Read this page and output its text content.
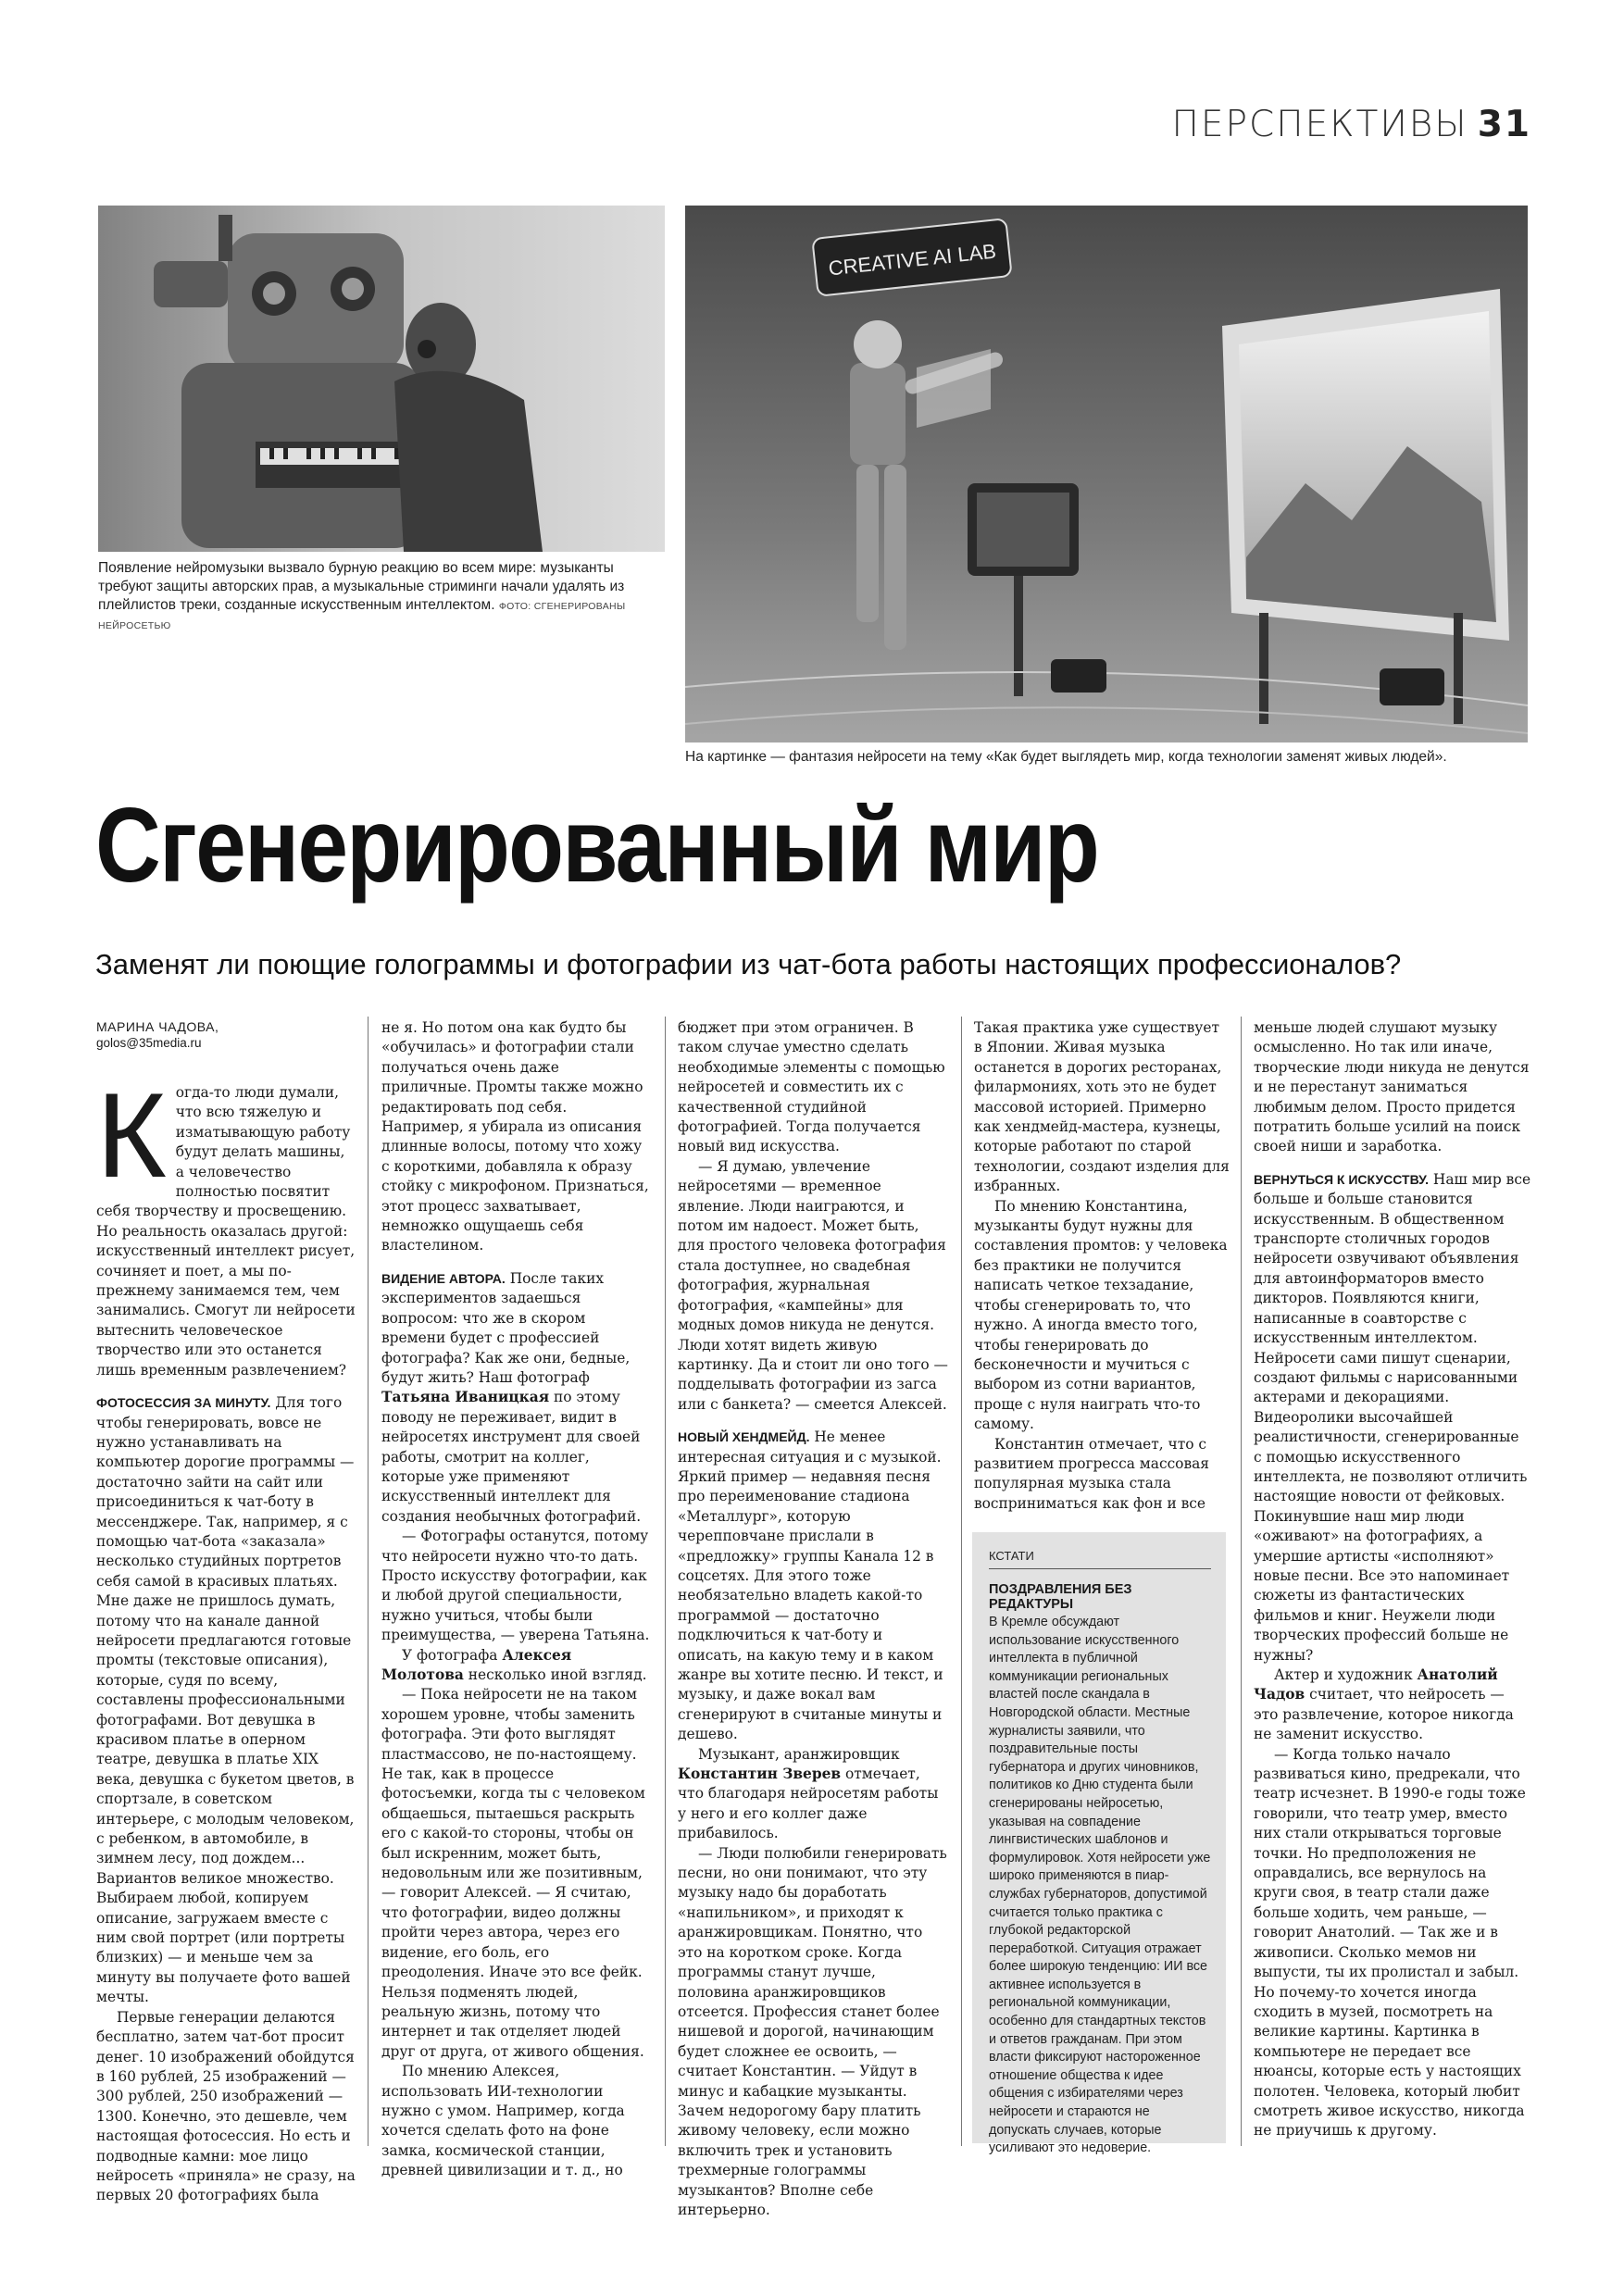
ПЕРСПЕКТИВЫ 31
Появление нейромузыки вызвало бурную реакцию во всем мире: музыканты требуют защиты авторских прав, а музыкальные стриминги начали удалять из плейлистов треки, созданные искусственным интеллектом. ФОТО: СГЕНЕРИРОВАНЫ НЕЙРОСЕТЬЮ
CREATIVE AI LAB
На картинке — фантазия нейросети на тему «Как будет выглядеть мир, когда технологии заменят живых людей».
Сгенерированный мир
Заменят ли поющие голограммы и фотографии из чат-бота работы настоящих профессионалов?
МАРИНА ЧАДОВА,
golos@35media.ru

Когда-то люди думали, что всю тяжелую и изматывающую работу будут делать машины, а человечество полностью посвятит себя творчеству и просвещению. Но реальность оказалась другой: искусственный интеллект рисует, сочиняет и поет, а мы по-прежнему занимаемся тем, чем занимались. Смогут ли нейросети вытеснить человеческое творчество или это останется лишь временным развлечением?

ФОТОСЕССИЯ ЗА МИНУТУ. Для того чтобы генерировать, вовсе не нужно устанавливать на компьютер дорогие программы — достаточно зайти на сайт или присоединиться к чат-боту в мессенджере. Так, например, я с помощью чат-бота «заказала» несколько студийных портретов себя самой в красивых платьях. Мне даже не пришлось думать, потому что на канале данной нейросети предлагаются готовые промты (текстовые описания), которые, судя по всему, составлены профессиональными фотографами. Вот девушка в красивом платье в оперном театре, девушка в платье XIX века, девушка с букетом цветов, в спортзале, в советском интерьере, с молодым человеком, с ребенком, в автомобиле, в зимнем лесу, под дождем... Вариантов великое множество. Выбираем любой, копируем описание, загружаем вместе с ним свой портрет (или портреты близких) — и меньше чем за минуту вы получаете фото вашей мечты.

Первые генерации делаются бесплатно, затем чат-бот просит денег. 10 изображений обойдутся в 160 рублей, 25 изображений — 300 рублей, 250 изображений — 1300. Конечно, это дешевле, чем настоящая фотосессия. Но есть и подводные камни: мое лицо нейросеть «приняла» не сразу, на первых 20 фотографиях была

не я. Но потом она как будто бы «обучилась» и фотографии стали получаться очень даже приличные. Промты также можно редактировать под себя. Например, я убирала из описания длинные волосы, потому что хожу с короткими, добавляла к образу стойку с микрофоном. Признаться, этот процесс захватывает, немножко ощущаешь себя властелином.

ВИДЕНИЕ АВТОРА. После таких экспериментов задаешься вопросом: что же в скором времени будет с профессией фотографа? Как же они, бедные, будут жить? Наш фотограф Татьяна Иваницкая по этому поводу не переживает, видит в нейросетях инструмент для своей работы, смотрит на коллег, которые уже применяют искусственный интеллект для создания необычных фотографий.

— Фотографы останутся, потому что нейросети нужно что-то дать. Просто искусству фотографии, как и любой другой специальности, нужно учиться, чтобы были преимущества, — уверена Татьяна.

У фотографа Алексея Молотова несколько иной взгляд.

— Пока нейросети не на таком хорошем уровне, чтобы заменить фотографа. Эти фото выглядят пластмассово, не по-настоящему. Не так, как в процессе фотосъемки, когда ты с человеком общаешься, пытаешься раскрыть его с какой-то стороны, чтобы он был искренним, может быть, недовольным или же позитивным, — говорит Алексей. — Я считаю, что фотографии, видео должны пройти через автора, через его видение, его боль, его преодоления. Иначе это все фейк. Нельзя подменять людей, реальную жизнь, потому что интернет и так отделяет людей друг от друга, от живого общения.

По мнению Алексея, использовать ИИ-технологии нужно с умом. Например, когда хочется сделать фото на фоне замка, космической станции, древней цивилизации и т. д., но

бюджет при этом ограничен. В таком случае уместно сделать необходимые элементы с помощью нейросетей и совместить их с качественной студийной фотографией. Тогда получается новый вид искусства.

— Я думаю, увлечение нейросетями — временное явление. Люди наиграются, и потом им надоест. Может быть, для простого человека фотография стала доступнее, но свадебная фотография, журнальная фотография, «кампейны» для модных домов никуда не денутся. Люди хотят видеть живую картинку. Да и стоит ли оно того — подделывать фотографии из загса или с банкета? — смеется Алексей.

НОВЫЙ ХЕНДМЕЙД. Не менее интересная ситуация и с музыкой. Яркий пример — недавняя песня про переименование стадиона «Металлург», которую черепповчане прислали в «предложку» группы Канала 12 в соцсетях. Для этого тоже необязательно владеть какой-то программой — достаточно подключиться к чат-боту и описать, на какую тему и в каком жанре вы хотите песню. И текст, и музыку, и даже вокал вам сгенерируют в считаные минуты и дешево.

Музыкант, аранжировщик Константин Зверев отмечает, что благодаря нейросетям работы у него и его коллег даже прибавилось.

— Люди полюбили генерировать песни, но они понимают, что эту музыку надо бы доработать «напильником», и приходят к аранжировщикам. Понятно, что это на коротком сроке. Когда программы станут лучше, половина аранжировщиков отсеется. Профессия станет более нишевой и дорогой, начинающим будет сложнее ее освоить, — считает Константин. — Уйдут в минус и кабацкие музыканты. Зачем недорогому бару платить живому человеку, если можно включить трек и установить трехмерные голограммы музыкантов? Вполне себе интерьерно.

Такая практика уже существует в Японии. Живая музыка останется в дорогих ресторанах, филармониях, хоть это не будет массовой историей. Примерно как хендмейд-мастера, кузнецы, которые работают по старой технологии, создают изделия для избранных.

По мнению Константина, музыканты будут нужны для составления промтов: у человека без практики не получится написать четкое техзадание, чтобы сгенерировать то, что нужно. А иногда вместо того, чтобы генерировать до бесконечности и мучиться с выбором из сотни вариантов, проще с нуля наиграть что-то самому.

Константин отмечает, что с развитием прогресса массовая популярная музыка стала восприниматься как фон и все

КСТАТИ
ПОЗДРАВЛЕНИЯ БЕЗ РЕДАКТУРЫ
В Кремле обсуждают использование искусственного интеллекта в публичной коммуникации региональных властей после скандала в Новгородской области. Местные журналисты заявили, что поздравительные посты губернатора и других чиновников, политиков ко Дню студента были сгенерированы нейросетью, указывая на совпадение лингвистических шаблонов и формулировок. Хотя нейросети уже широко применяются в пиар-службах губернаторов, допустимой считается только практика с глубокой редакторской переработкой. Ситуация отражает более широкую тенденцию: ИИ все активнее используется в региональной коммуникации, особенно для стандартных текстов и ответов гражданам. При этом власти фиксируют настороженное отношение общества к идее общения с избирателями через нейросети и стараются не допускать случаев, которые усиливают это недоверие.

меньше людей слушают музыку осмысленно. Но так или иначе, творческие люди никуда не денутся и не перестанут заниматься любимым делом. Просто придется потратить больше усилий на поиск своей ниши и заработка.

ВЕРНУТЬСЯ К ИСКУССТВУ. Наш мир все больше и больше становится искусственным. В общественном транспорте столичных городов нейросети озвучивают объявления для автоинформаторов вместо дикторов. Появляются книги, написанные в соавторстве с искусственным интеллектом. Нейросети сами пишут сценарии, создают фильмы с нарисованными актерами и декорациями. Видеоролики высочайшей реалистичности, сгенерированные с помощью искусственного интеллекта, не позволяют отличить настоящие новости от фейковых. Покинувшие наш мир люди «оживают» на фотографиях, а умершие артисты «исполняют» новые песни. Все это напоминает сюжеты из фантастических фильмов и книг. Неужели люди творческих профессий больше не нужны?

Актер и художник Анатолий Чадов считает, что нейросеть — это развлечение, которое никогда не заменит искусство.

— Когда только начало развиваться кино, предрекали, что театр исчезнет. В 1990-е годы тоже говорили, что театр умер, вместо них стали открываться торговые точки. Но предположения не оправдались, все вернулось на круги своя, в театр стали даже больше ходить, чем раньше, — говорит Анатолий. — Так же и в живописи. Сколько мемов ни выпусти, ты их пролистал и забыл. Но почему-то хочется иногда сходить в музей, посмотреть на великие картины. Картинка в компьютере не передает все нюансы, которые есть у настоящих полотен. Человека, который любит смотреть живое искусство, никогда не приучишь к другому.
